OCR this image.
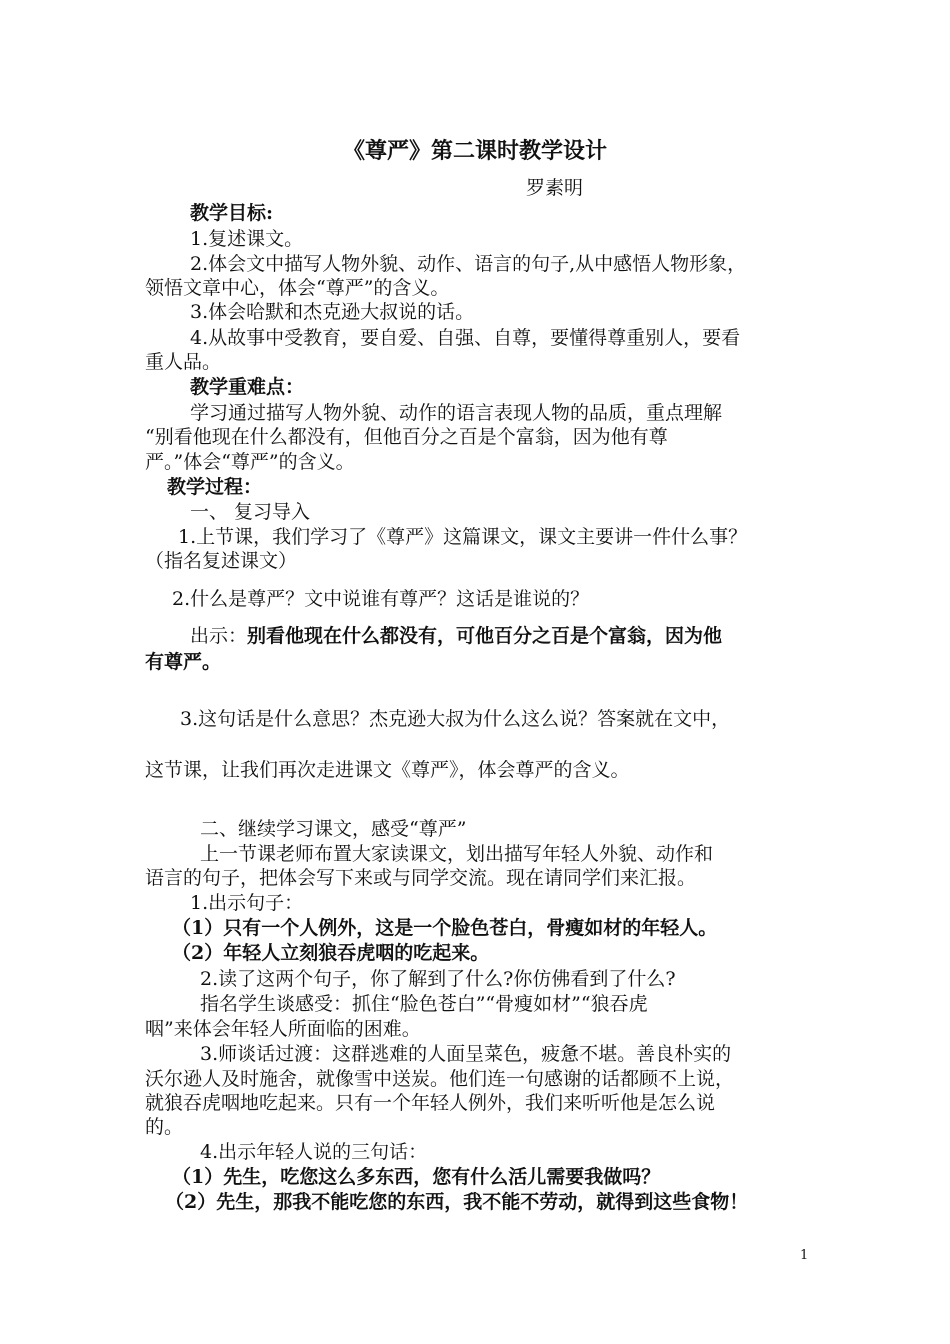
《尊严》第二课时教学设计
罗素明
教学目标:
1.复述课文。
2.体会文中描写人物外貌、动作、语言的句子,从中感悟人物形象，
领悟文章中心，体会“尊严”的含义。
3.体会哈默和杰克逊大叔说的话。
4.从故事中受教育，要自爱、自强、自尊，要懂得尊重别人，要看
重人品。
教学重难点：
学习通过描写人物外貌、动作的语言表现人物的品质，重点理解
“别看他现在什么都没有，但他百分之百是个富翁，因为他有尊
严。”体会“尊严”的含义。
教学过程：
一、 复习导入
1.上节课，我们学习了《尊严》这篇课文，课文主要讲一件什么事？
（指名复述课文）
2.什么是尊严？文中说谁有尊严？这话是谁说的？
出示：别看他现在什么都没有，可他百分之百是个富翁，因为他
有尊严。
3.这句话是什么意思？杰克逊大叔为什么这么说？答案就在文中，
这节课，让我们再次走进课文《尊严》，体会尊严的含义。
二、继续学习课文，感受“尊严”
上一节课老师布置大家读课文，划出描写年轻人外貌、动作和
语言的句子，把体会写下来或与同学交流。现在请同学们来汇报。
1.出示句子：
（1）只有一个人例外，这是一个脸色苍白，骨瘦如材的年轻人。
（2）年轻人立刻狼吞虎咽的吃起来。
2.读了这两个句子，你了解到了什么?你仿佛看到了什么?
指名学生谈感受：抓住“脸色苍白”“骨瘦如材”“狼吞虎
咽”来体会年轻人所面临的困难。
3.师谈话过渡：这群逃难的人面呈菜色，疲惫不堪。善良朴实的
沃尔逊人及时施舍，就像雪中送炭。他们连一句感谢的话都顾不上说，
就狼吞虎咽地吃起来。只有一个年轻人例外，我们来听听他是怎么说
的。
4.出示年轻人说的三句话：
（1）先生，吃您这么多东西，您有什么活儿需要我做吗？
（2）先生，那我不能吃您的东西，我不能不劳动，就得到这些食物！
1
